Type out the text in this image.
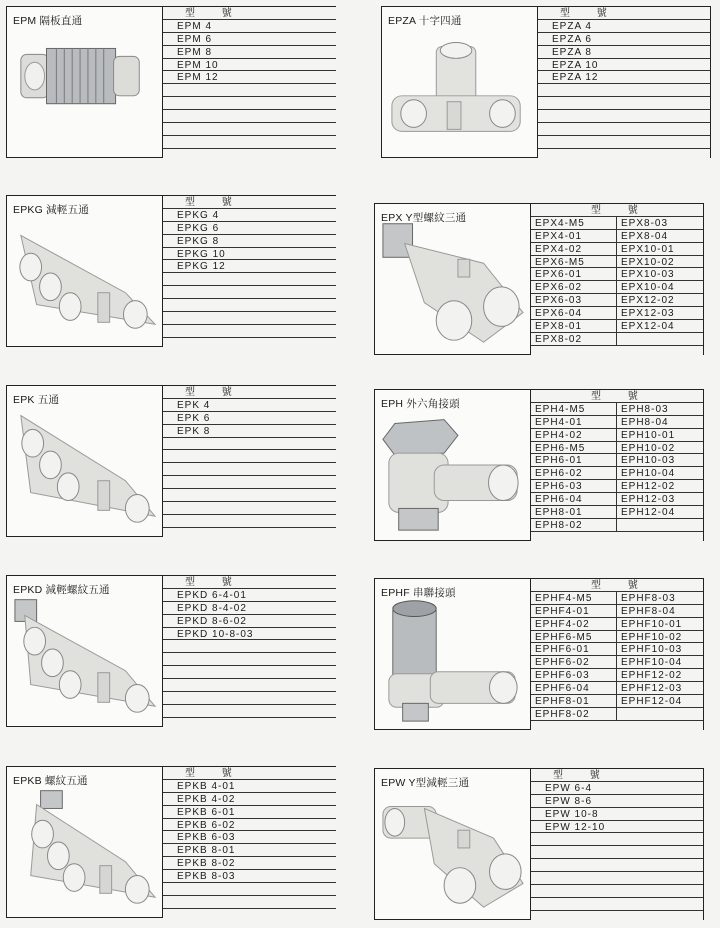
EPM 隔板直通
型 號
EPM 4
EPM 6
EPM 8
EPM 10
EPM 12
EPZA 十字四通
型 號
EPZA 4
EPZA 6
EPZA 8
EPZA 10
EPZA 12
EPKG 減輕五通
型 號
EPKG 4
EPKG 6
EPKG 8
EPKG 10
EPKG 12
EPX Y型螺紋三通
型 號
EPX4-M5	EPX8-03
EPX4-01	EPX8-04
EPX4-02	EPX10-01
EPX6-M5	EPX10-02
EPX6-01	EPX10-03
EPX6-02	EPX10-04
EPX6-03	EPX12-02
EPX6-04	EPX12-03
EPX8-01	EPX12-04
EPX8-02
EPK 五通
型 號
EPK 4
EPK 6
EPK 8
EPH 外六角接頭
型 號
EPH4-M5	EPH8-03
EPH4-01	EPH8-04
EPH4-02	EPH10-01
EPH6-M5	EPH10-02
EPH6-01	EPH10-03
EPH6-02	EPH10-04
EPH6-03	EPH12-02
EPH6-04	EPH12-03
EPH8-01	EPH12-04
EPH8-02
EPKD 減輕螺紋五通
型 號
EPKD 6-4-01
EPKD 8-4-02
EPKD 8-6-02
EPKD 10-8-03
EPHF 串聯接頭
型 號
EPHF4-M5	EPHF8-03
EPHF4-01	EPHF8-04
EPHF4-02	EPHF10-01
EPHF6-M5	EPHF10-02
EPHF6-01	EPHF10-03
EPHF6-02	EPHF10-04
EPHF6-03	EPHF12-02
EPHF6-04	EPHF12-03
EPHF8-01	EPHF12-04
EPHF8-02
EPKB 螺紋五通
型 號
EPKB 4-01
EPKB 4-02
EPKB 6-01
EPKB 6-02
EPKB 6-03
EPKB 8-01
EPKB 8-02
EPKB 8-03
EPW Y型減輕三通
型 號
EPW 6-4
EPW 8-6
EPW 10-8
EPW 12-10
